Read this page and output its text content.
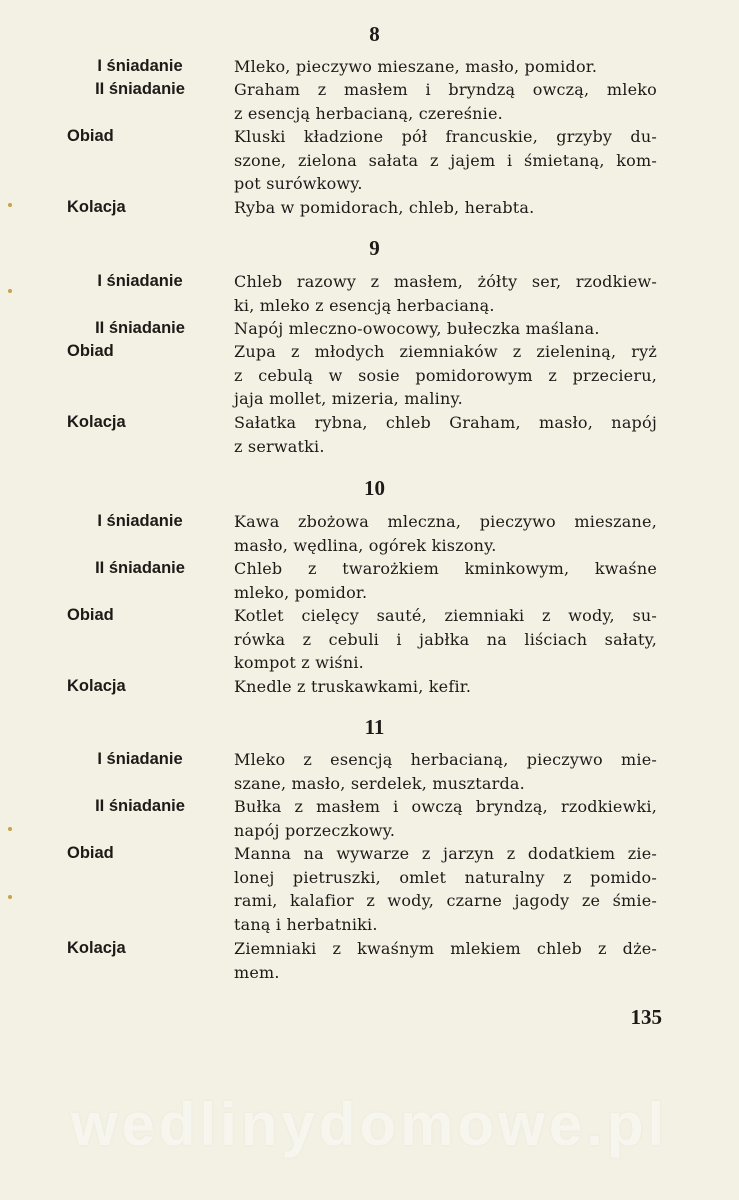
8
I śniadanie	Mleko, pieczywo mieszane, masło, pomidor.
II śniadanie	Graham z masłem i bryndzą owczą, mleko
z esencją herbacianą, czereśnie.
Obiad	Kluski kładzione pół francuskie, grzyby du-
szone, zielona sałata z jajem i śmietaną, kom-
pot surówkowy.
Kolacja	Ryba w pomidorach, chleb, herabta.
9
I śniadanie	Chleb razowy z masłem, żółty ser, rzodkiew-
ki, mleko z esencją herbacianą.
II śniadanie	Napój mleczno-owocowy, bułeczka maślana.
Obiad	Zupa z młodych ziemniaków z zieleniną, ryż
z cebulą w sosie pomidorowym z przecieru,
jaja mollet, mizeria, maliny.
Kolacja	Sałatka rybna, chleb Graham, masło, napój
z serwatki.
10
I śniadanie	Kawa zbożowa mleczna, pieczywo mieszane,
masło, wędlina, ogórek kiszony.
II śniadanie	Chleb z twarożkiem kminkowym, kwaśne
mleko, pomidor.
Obiad	Kotlet cielęcy sauté, ziemniaki z wody, su-
rówka z cebuli i jabłka na liściach sałaty,
kompot z wiśni.
Kolacja	Knedle z truskawkami, kefir.
11
I śniadanie	Mleko z esencją herbacianą, pieczywo mie-
szane, masło, serdelek, musztarda.
II śniadanie	Bułka z masłem i owczą bryndzą, rzodkiewki,
napój porzeczkowy.
Obiad	Manna na wywarze z jarzyn z dodatkiem zie-
lonej pietruszki, omlet naturalny z pomido-
rami, kalafior z wody, czarne jagody ze śmie-
taną i herbatniki.
Kolacja	Ziemniaki z kwaśnym mlekiem chleb z dże-
mem.
135
wedlinydomowe.pl
